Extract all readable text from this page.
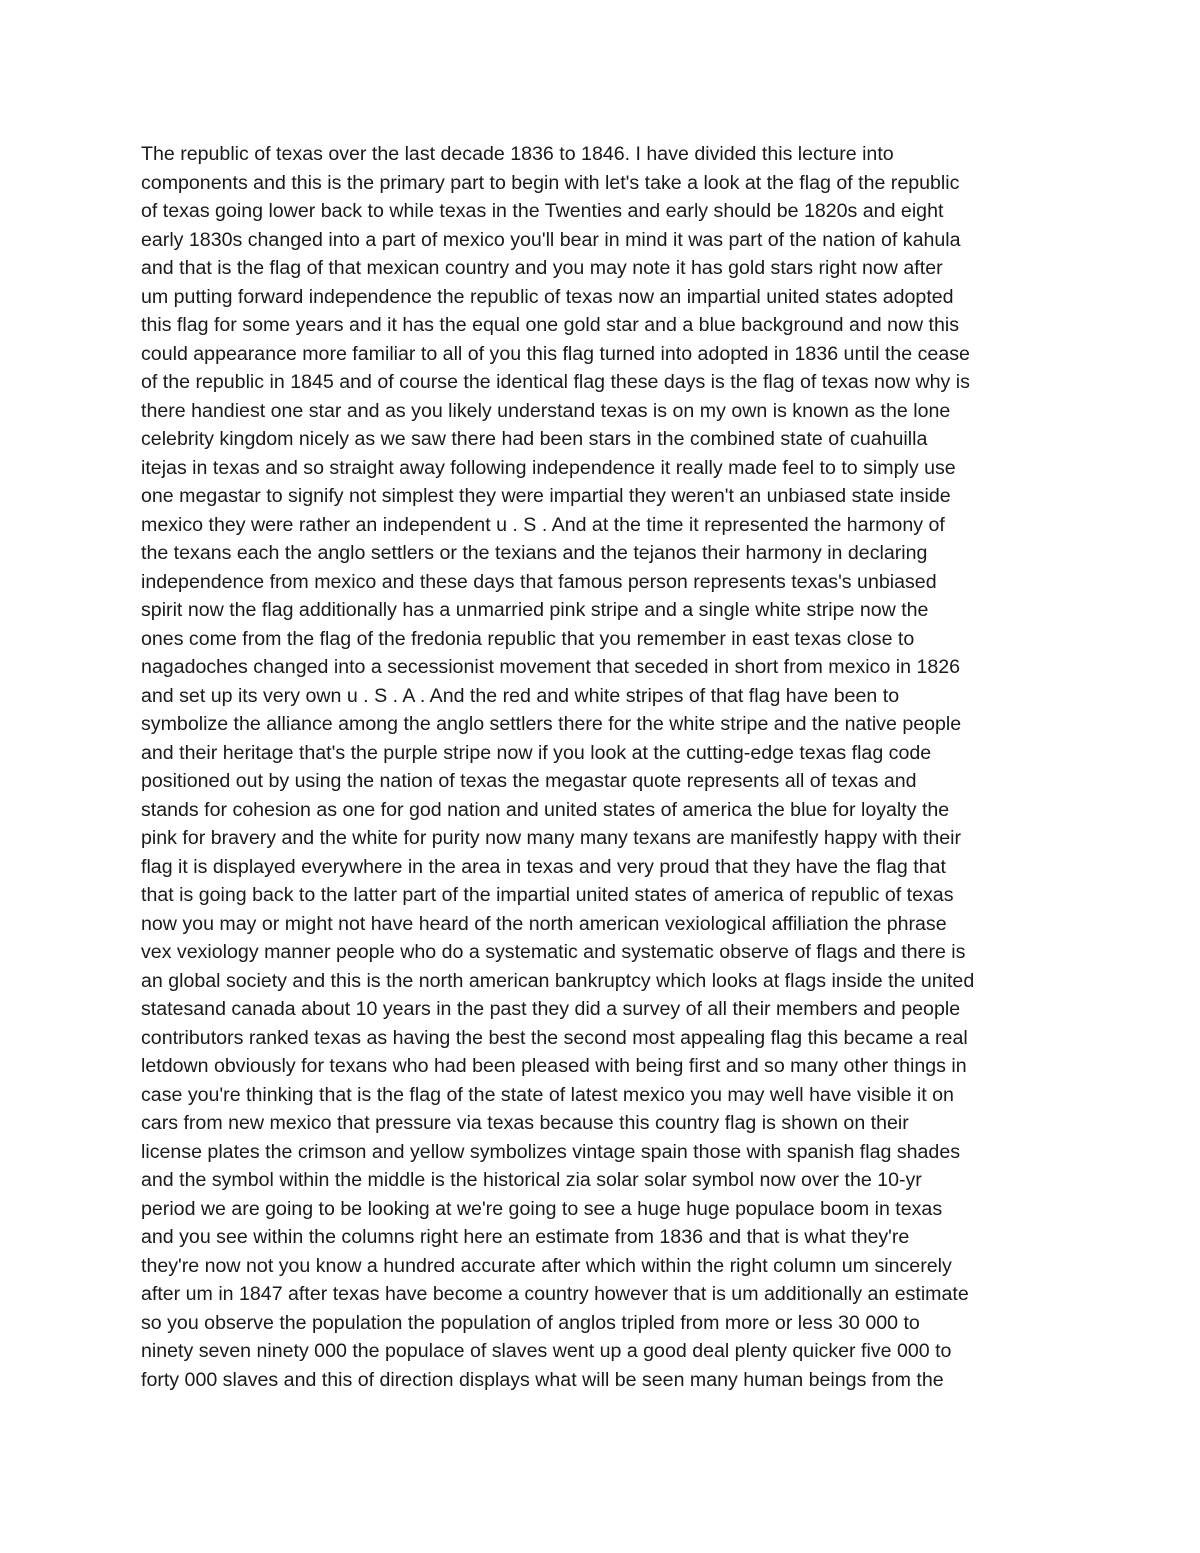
The republic of texas over the last decade 1836 to 1846. I have divided this lecture into
components and this is the primary part to begin with let's take a look at the flag of the republic
of texas going lower back to while texas in the Twenties and early should be 1820s and eight
early 1830s changed into a part of mexico you'll bear in mind it was part of the nation of kahula
and that is the flag of that mexican country and you may note it has gold stars right now after
um putting forward independence the republic of texas now an impartial united states adopted
this flag for some years and it has the equal one gold star and a blue background and now this
could appearance more familiar to all of you this flag turned into adopted in 1836 until the cease
of the republic in 1845 and of course the identical flag these days is the flag of texas now why is
there handiest one star and as you likely understand texas is on my own is known as the lone
celebrity kingdom nicely as we saw there had been stars in the combined state of cuahuilla
itejas in texas and so straight away following independence it really made feel to to simply use
one megastar to signify not simplest they were impartial they weren't an unbiased state inside
mexico they were rather an independent u . S . And at the time it represented the harmony of
the texans each the anglo settlers or the texians and the tejanos their harmony in declaring
independence from mexico and these days that famous person represents texas's unbiased
spirit now the flag additionally has a unmarried pink stripe and a single white stripe now the
ones come from the flag of the fredonia republic that you remember in east texas close to
nagadoches changed into a secessionist movement that seceded in short from mexico in 1826
and set up its very own u . S . A . And the red and white stripes of that flag have been to
symbolize the alliance among the anglo settlers there for the white stripe and the native people
and their heritage that's the purple stripe now if you look at the cutting-edge texas flag code
positioned out by using the nation of texas the megastar quote represents all of texas and
stands for cohesion as one for god nation and united states of america the blue for loyalty the
pink for bravery and the white for purity now many many texans are manifestly happy with their
flag it is displayed everywhere in the area in texas and very proud that they have the flag that
that is going back to the latter part of the impartial united states of america of republic of texas
now you may or might not have heard of the north american vexiological affiliation the phrase
vex vexiology manner people who do a systematic and systematic observe of flags and there is
an global society and this is the north american bankruptcy which looks at flags inside the united
statesand canada about 10 years in the past they did a survey of all their members and people
contributors ranked texas as having the best the second most appealing flag this became a real
letdown obviously for texans who had been pleased with being first and so many other things in
case you're thinking that is the flag of the state of latest mexico you may well have visible it on
cars from new mexico that pressure via texas because this country flag is shown on their
license plates the crimson and yellow symbolizes vintage spain those with spanish flag shades
and the symbol within the middle is the historical zia solar solar symbol now over the 10-yr
period we are going to be looking at we're going to see a huge huge populace boom in texas
and you see within the columns right here an estimate from 1836 and that is what they're
they're now not you know a hundred accurate after which within the right column um sincerely
after um in 1847 after texas have become a country however that is um additionally an estimate
so you observe the population the population of anglos tripled from more or less 30 000 to
ninety seven ninety 000 the populace of slaves went up a good deal plenty quicker five 000 to
forty 000 slaves and this of direction displays what will be seen many human beings from the
